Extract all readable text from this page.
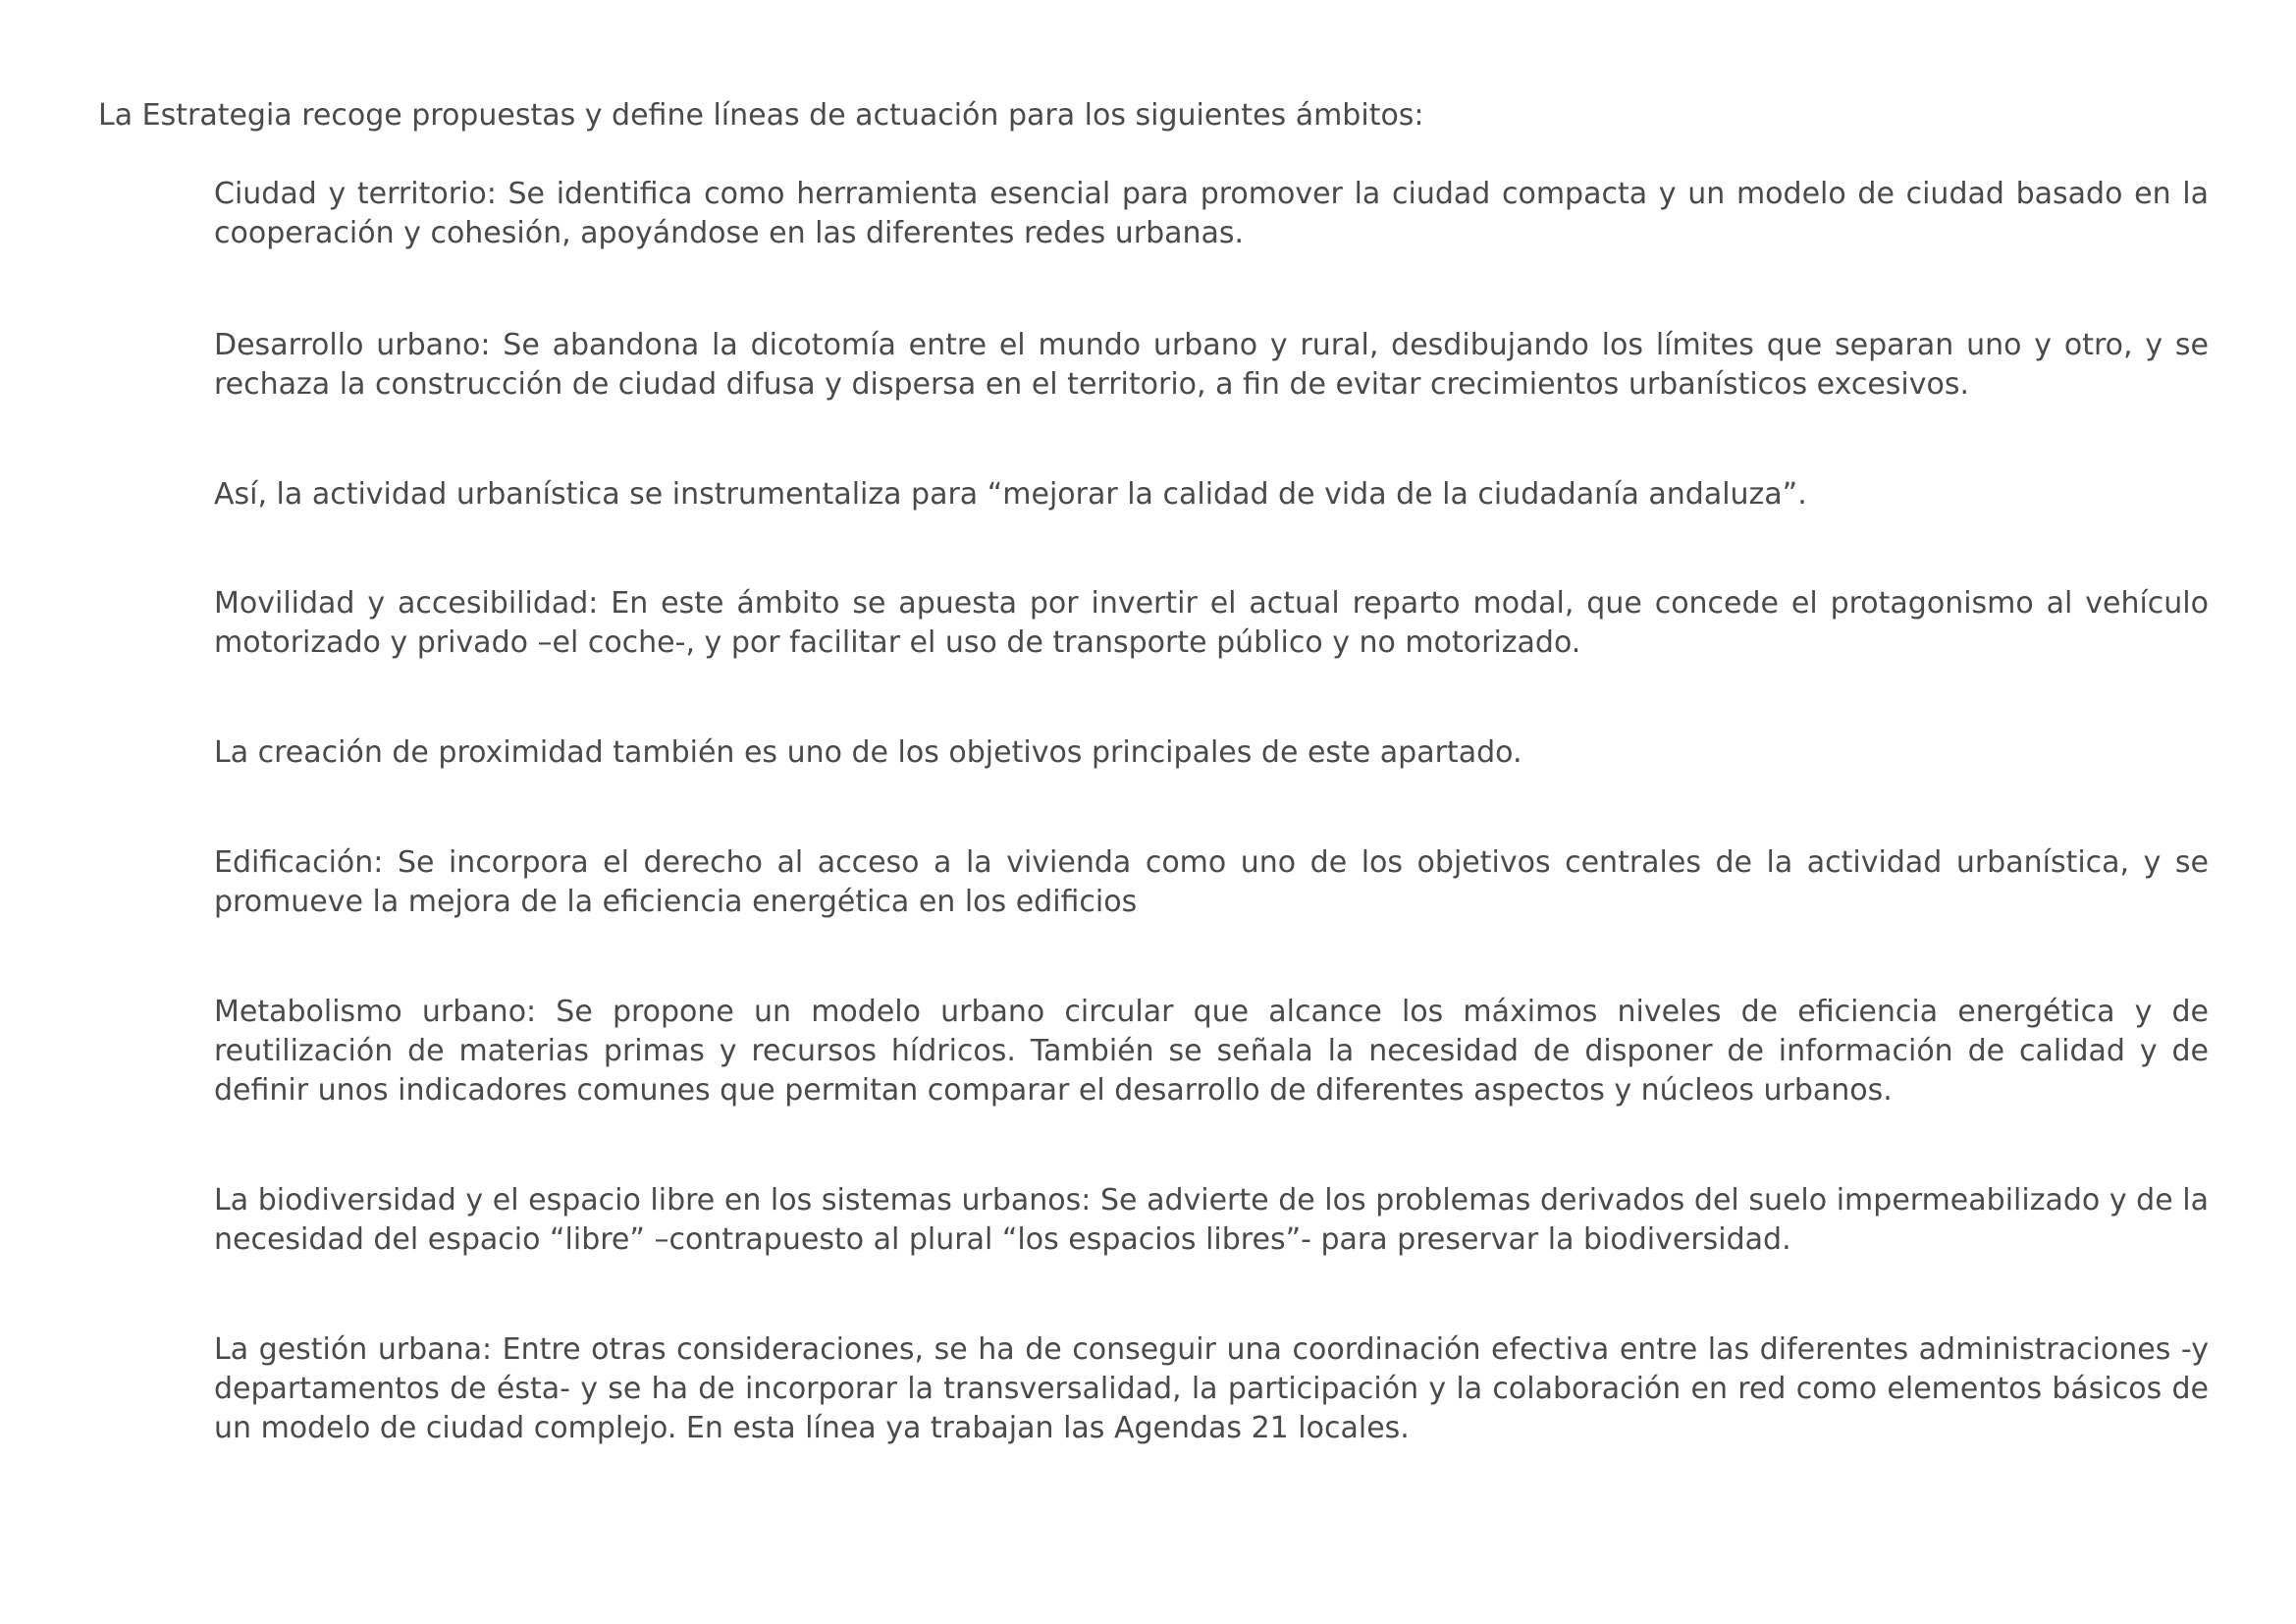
La Estrategia recoge propuestas y define líneas de actuación para los siguientes ámbitos:

Ciudad y territorio: Se identifica como herramienta esencial para promover la ciudad compacta y un modelo de ciudad basado en la cooperación y cohesión, apoyándose en las diferentes redes urbanas.

Desarrollo urbano: Se abandona la dicotomía entre el mundo urbano y rural, desdibujando los límites que separan uno y otro, y se rechaza la construcción de ciudad difusa y dispersa en el territorio, a fin de evitar crecimientos urbanísticos excesivos.

Así, la actividad urbanística se instrumentaliza para “mejorar la calidad de vida de la ciudadanía andaluza”.

Movilidad y accesibilidad: En este ámbito se apuesta por invertir el actual reparto modal, que concede el protagonismo al vehículo motorizado y privado –el coche-, y por facilitar el uso de transporte público y no motorizado.

La creación de proximidad también es uno de los objetivos principales de este apartado.

Edificación: Se incorpora el derecho al acceso a la vivienda como uno de los objetivos centrales de la actividad urbanística, y se promueve la mejora de la eficiencia energética en los edificios

Metabolismo urbano: Se propone un modelo urbano circular que alcance los máximos niveles de eficiencia energética y de reutilización de materias primas y recursos hídricos. También se señala la necesidad de disponer de información de calidad y de definir unos indicadores comunes que permitan comparar el desarrollo de diferentes aspectos y núcleos urbanos.

La biodiversidad y el espacio libre en los sistemas urbanos: Se advierte de los problemas derivados del suelo impermeabilizado y de la necesidad del espacio “libre” –contrapuesto al plural “los espacios libres”- para preservar la biodiversidad.

La gestión urbana: Entre otras consideraciones, se ha de conseguir una coordinación efectiva entre las diferentes administraciones -y departamentos de ésta- y se ha de incorporar la transversalidad, la participación y la colaboración en red como elementos básicos de un modelo de ciudad complejo. En esta línea ya trabajan las Agendas 21 locales.
